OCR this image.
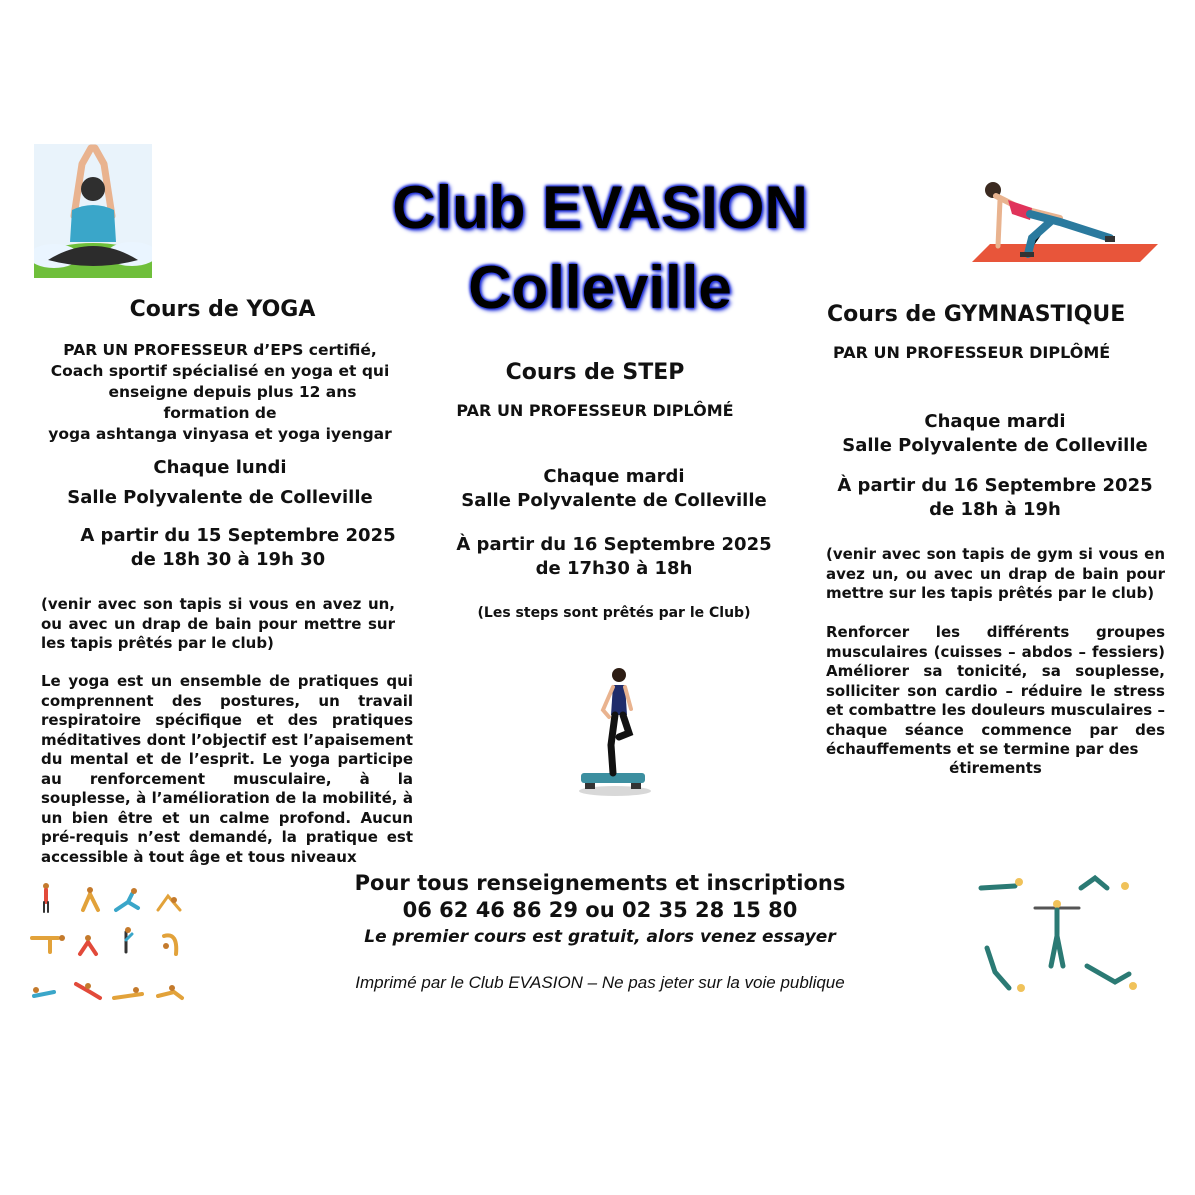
Club EVASION
Colleville
Cours de YOGA
PAR UN PROFESSEUR d’EPS certifié,
Coach sportif spécialisé en yoga et qui
enseigne depuis plus 12 ans
formation de
yoga ashtanga vinyasa et yoga iyengar
Chaque lundi
Salle Polyvalente de Colleville
A partir du 15 Septembre 2025
de 18h 30 à 19h 30
(venir avec son tapis si vous en avez un, ou avec un drap de bain pour mettre sur les tapis prêtés par le club)
Le yoga est un ensemble de pratiques qui comprennent des postures, un travail respiratoire spécifique et des pratiques méditatives dont l’objectif est l’apaisement du mental et de l’esprit. Le yoga participe au renforcement musculaire, à la souplesse, à l’amélioration de la mobilité, à un bien être et un calme profond. Aucun pré-requis n’est demandé, la pratique est accessible à tout âge et tous niveaux
Cours de STEP
PAR UN PROFESSEUR DIPLÔMÉ
Chaque mardi
Salle Polyvalente de Colleville
À partir du 16 Septembre 2025
de 17h30 à 18h
(Les steps sont prêtés par le Club)
Cours de GYMNASTIQUE
PAR UN PROFESSEUR DIPLÔMÉ
Chaque mardi
Salle Polyvalente de Colleville
À partir du 16 Septembre 2025
de 18h à 19h
(venir avec son tapis de gym si vous en avez un, ou avec un drap de bain pour mettre sur les tapis prêtés par le club)
Renforcer les différents groupes musculaires (cuisses – abdos – fessiers) Améliorer sa tonicité, sa souplesse, solliciter son cardio – réduire le stress et combattre les douleurs musculaires – chaque séance commence par des échauffements et se termine par des
étirements
Pour tous renseignements et inscriptions
06 62 46 86 29 ou 02 35 28 15 80
Le premier cours est gratuit, alors venez essayer
Imprimé par le Club EVASION – Ne pas jeter sur la voie publique
